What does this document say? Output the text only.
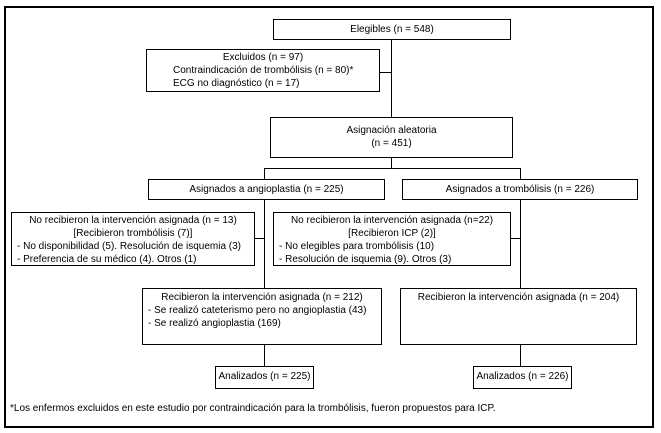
Elegibles (n = 548)
Excluidos (n = 97)
Contraindicación de trombólisis (n = 80)*
ECG no diagnóstico (n = 17)
Asignación aleatoria
(n = 451)
Asignados a angioplastia (n = 225)	Asignados a trombólisis (n = 226)
No recibieron la intervención asignada (n = 13)
[Recibieron trombólisis (7)]
- No disponibilidad (5). Resolución de isquemia (3)
- Preferencia de su médico (4). Otros (1)
No recibieron la intervención asignada (n=22)
[Recibieron ICP (2)]
- No elegibles para trombólisis (10)
- Resolución de isquemia (9). Otros (3)
Recibieron la intervención asignada (n = 212)
- Se realizó cateterismo pero no angioplastia (43)
- Se realizó angioplastia (169)
Recibieron la intervención asignada (n = 204)
Analizados (n = 225)	Analizados (n = 226)
*Los enfermos excluidos en este estudio por contraindicación para la trombólisis, fueron propuestos para ICP.
